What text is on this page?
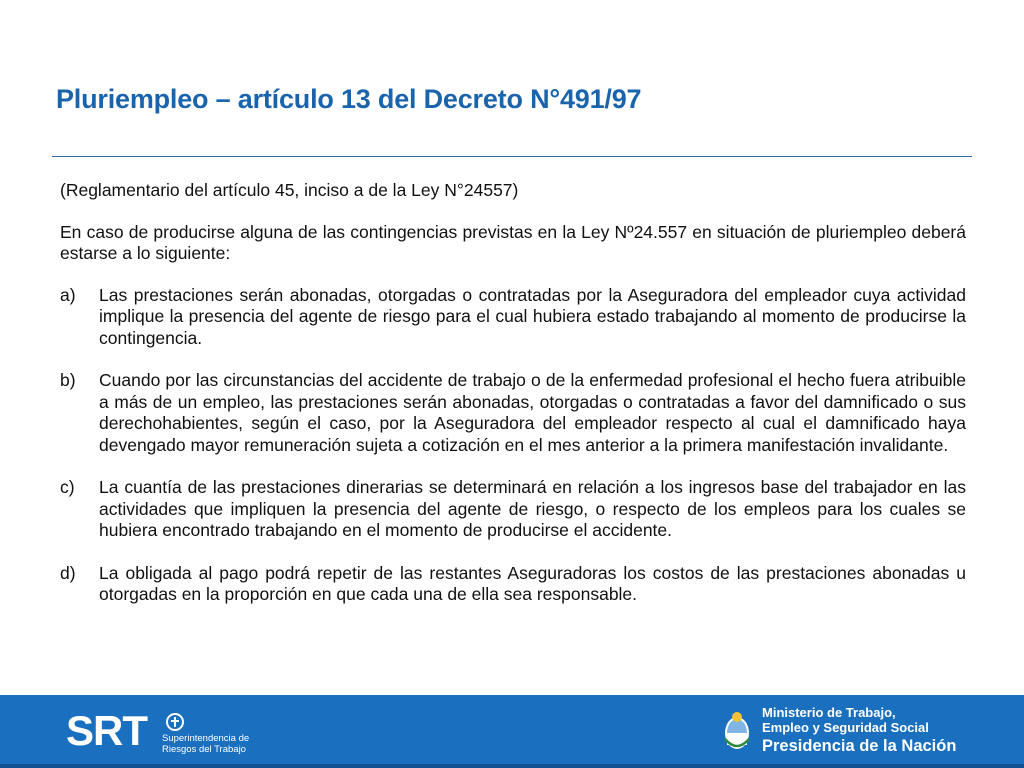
Pluriempleo – artículo 13 del Decreto N°491/97

(Reglamentario del artículo 45, inciso a de la Ley N°24557)

En caso de producirse alguna de las contingencias previstas en la Ley Nº24.557 en situación de pluriempleo deberá estarse a lo siguiente:

a) Las prestaciones serán abonadas, otorgadas o contratadas por la Aseguradora del empleador cuya actividad implique la presencia del agente de riesgo para el cual hubiera estado trabajando al momento de producirse la contingencia.
b) Cuando por las circunstancias del accidente de trabajo o de la enfermedad profesional el hecho fuera atribuible a más de un empleo, las prestaciones serán abonadas, otorgadas o contratadas a favor del damnificado o sus derechohabientes, según el caso, por la Aseguradora del empleador respecto al cual el damnificado haya devengado mayor remuneración sujeta a cotización en el mes anterior a la primera manifestación invalidante.
c) La cuantía de las prestaciones dinerarias se determinará en relación a los ingresos base del trabajador en las actividades que impliquen la presencia del agente de riesgo, o respecto de los empleos para los cuales se hubiera encontrado trabajando en el momento de producirse el accidente.
d) La obligada al pago podrá repetir de las restantes Aseguradoras los costos de las prestaciones abonadas u otorgadas en la proporción en que cada una de ella sea responsable.
SRT Superintendencia de
Riesgos del Trabajo
Ministerio de Trabajo,
Empleo y Seguridad Social
Presidencia de la Nación
